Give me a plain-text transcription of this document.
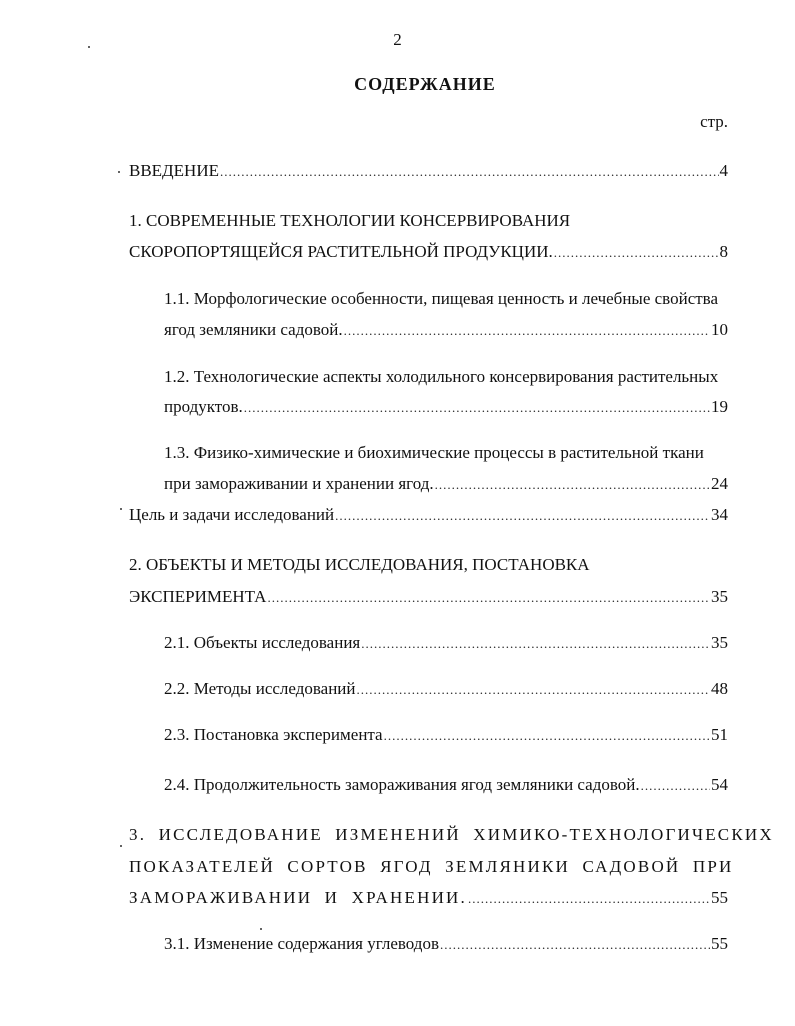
2
СОДЕРЖАНИЕ
стр.
ВВЕДЕНИЕ .....	4
1. СОВРЕМЕННЫЕ ТЕХНОЛОГИИ КОНСЕРВИРОВАНИЯ
СКОРОПОРТЯЩЕЙСЯ РАСТИТЕЛЬНОЙ ПРОДУКЦИИ. .....	8
1.1. Морфологические особенности, пищевая ценность и лечебные свойства
ягод земляники садовой. .....	10
1.2. Технологические аспекты холодильного консервирования растительных
продуктов. .....	19
1.3. Физико-химические и биохимические процессы в растительной ткани
при замораживании и хранении ягод. .....	24
Цель и задачи исследований .....	34
2. ОБЪЕКТЫ И МЕТОДЫ ИССЛЕДОВАНИЯ, ПОСТАНОВКА
ЭКСПЕРИМЕНТА .....	35
2.1. Объекты исследования .....	35
2.2. Методы исследований .....	48
2.3. Постановка эксперимента .....	51
2.4. Продолжительность замораживания ягод земляники садовой. .....	54
3. ИССЛЕДОВАНИЕ ИЗМЕНЕНИЙ ХИМИКО-ТЕХНОЛОГИЧЕСКИХ
ПОКАЗАТЕЛЕЙ СОРТОВ ЯГОД ЗЕМЛЯНИКИ САДОВОЙ ПРИ
ЗАМОРАЖИВАНИИ И ХРАНЕНИИ. .....	55
3.1. Изменение содержания углеводов .....	55
